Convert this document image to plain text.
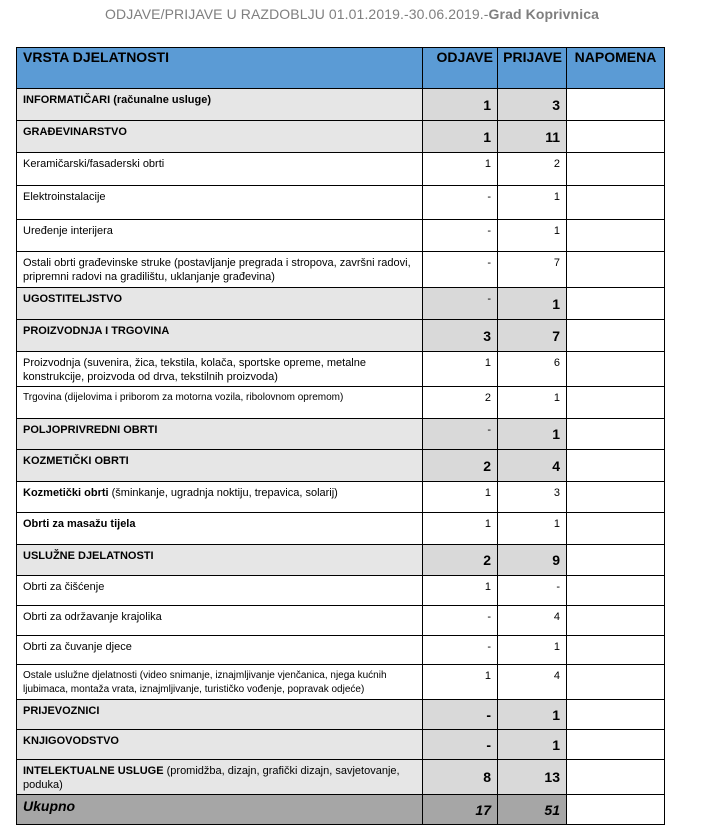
ODJAVE/PRIJAVE U RAZDOBLJU 01.01.2019.-30.06.2019.-Grad Koprivnica
VRSTA DJELATNOSTI	ODJAVE	PRIJAVE	NAPOMENA
INFORMATIČARI (računalne usluge)	1	3	
GRAĐEVINARSTVO	1	11	
Keramičarski/fasaderski obrti	1	2	
Elektroinstalacije	-	1	
Uređenje interijera	-	1	
Ostali obrti građevinske struke (postavljanje pregrada i stropova, završni radovi, pripremni radovi na gradilištu, uklanjanje građevina)	-	7	
UGOSTITELJSTVO	-	1	
PROIZVODNJA I TRGOVINA	3	7	
Proizvodnja (suvenira, žica, tekstila, kolača, sportske opreme, metalne konstrukcije, proizvoda od drva, tekstilnih proizvoda)	1	6	
Trgovina (dijelovima i priborom za motorna vozila, ribolovnom opremom)	2	1	
POLJOPRIVREDNI OBRTI	-	1	
KOZMETIČKI OBRTI	2	4	
Kozmetički obrti (šminkanje, ugradnja noktiju, trepavica, solarij)	1	3	
Obrti za masažu tijela	1	1	
USLUŽNE DJELATNOSTI	2	9	
Obrti za čišćenje	1	-	
Obrti za održavanje krajolika	-	4	
Obrti za čuvanje djece	-	1	
Ostale uslužne djelatnosti (video snimanje, iznajmljivanje vjenčanica, njega kućnih ljubimaca, montaža vrata, iznajmljivanje, turističko vođenje, popravak odjeće)	1	4	
PRIJEVOZNICI	-	1	
KNJIGOVODSTVO	-	1	
INTELEKTUALNE USLUGE (promidžba, dizajn, grafički dizajn, savjetovanje, poduka)	8	13	
Ukupno	17	51	
